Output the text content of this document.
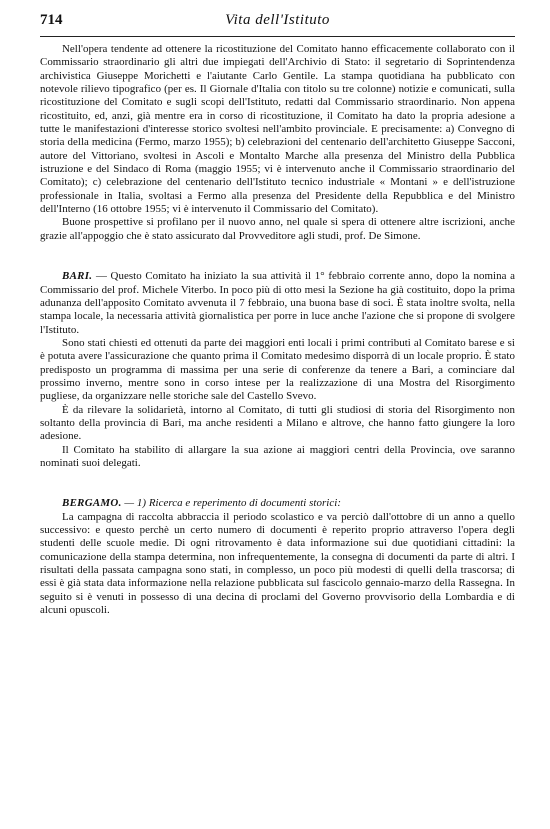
714	Vita dell'Istituto

Nell'opera tendente ad ottenere la ricostituzione del Comitato hanno efficacemente collaborato con il Commissario straordinario gli altri due impiegati dell'Archivio di Stato: il segretario di Soprintendenza archivistica Giuseppe Morichetti e l'aiutante Carlo Gentile. La stampa quotidiana ha pubblicato con notevole rilievo tipografico (per es. Il Giornale d'Italia con titolo su tre colonne) notizie e comunicati, sulla ricostituzione del Comitato e sugli scopi dell'Istituto, redatti dal Commissario straordinario. Non appena ricostituito, ed, anzi, già mentre era in corso di ricostituzione, il Comitato ha dato la propria adesione a tutte le manifestazioni d'interesse storico svoltesi nell'ambito provinciale. E precisamente: a) Convegno di storia della medicina (Fermo, marzo 1955); b) celebrazioni del centenario dell'architetto Giuseppe Sacconi, autore del Vittoriano, svoltesi in Ascoli e Montalto Marche alla presenza del Ministro della Pubblica istruzione e del Sindaco di Roma (maggio 1955; vi è intervenuto anche il Commissario straordinario del Comitato); c) celebrazione del centenario dell'Istituto tecnico industriale « Montani » e dell'istruzione professionale in Italia, svoltasi a Fermo alla presenza del Presidente della Repubblica e del Ministro dell'Interno (16 ottobre 1955; vi è intervenuto il Commissario del Comitato).

Buone prospettive si profilano per il nuovo anno, nel quale si spera di ottenere altre iscrizioni, anche grazie all'appoggio che è stato assicurato dal Provveditore agli studi, prof. De Simone.

BARI. — Questo Comitato ha iniziato la sua attività il 1° febbraio corrente anno, dopo la nomina a Commissario del prof. Michele Viterbo. In poco più di otto mesi la Sezione ha già costituito, dopo la prima adunanza dell'apposito Comitato avvenuta il 7 febbraio, una buona base di soci. È stata inoltre svolta, nella stampa locale, la necessaria attività giornalistica per porre in luce anche l'azione che si propone di svolgere l'Istituto.

Sono stati chiesti ed ottenuti da parte dei maggiori enti locali i primi contributi al Comitato barese e si è potuta avere l'assicurazione che quanto prima il Comitato medesimo disporrà di un locale proprio. È stato predisposto un programma di massima per una serie di conferenze da tenere a Bari, a cominciare dal prossimo inverno, mentre sono in corso intese per la realizzazione di una Mostra del Risorgimento pugliese, da organizzare nelle storiche sale del Castello Svevo.

È da rilevare la solidarietà, intorno al Comitato, di tutti gli studiosi di storia del Risorgimento non soltanto della provincia di Bari, ma anche residenti a Milano e altrove, che hanno fatto giungere la loro adesione.

Il Comitato ha stabilito di allargare la sua azione ai maggiori centri della Provincia, ove saranno nominati suoi delegati.

BERGAMO. — 1) Ricerca e reperimento di documenti storici:

La campagna di raccolta abbraccia il periodo scolastico e va perciò dall'ottobre di un anno a quello successivo: e questo perchè un certo numero di documenti è reperito proprio attraverso l'opera degli studenti delle scuole medie. Di ogni ritrovamento è data informazione sui due quotidiani cittadini: la comunicazione della stampa determina, non infrequentemente, la consegna di documenti da parte di altri. I risultati della passata campagna sono stati, in complesso, un poco più modesti di quelli della trascorsa; di essi è già stata data informazione nella relazione pubblicata sul fascicolo gennaio-marzo della Rassegna. In seguito si è venuti in possesso di una decina di proclami del Governo provvisorio della Lombardia e di alcuni opuscoli.
